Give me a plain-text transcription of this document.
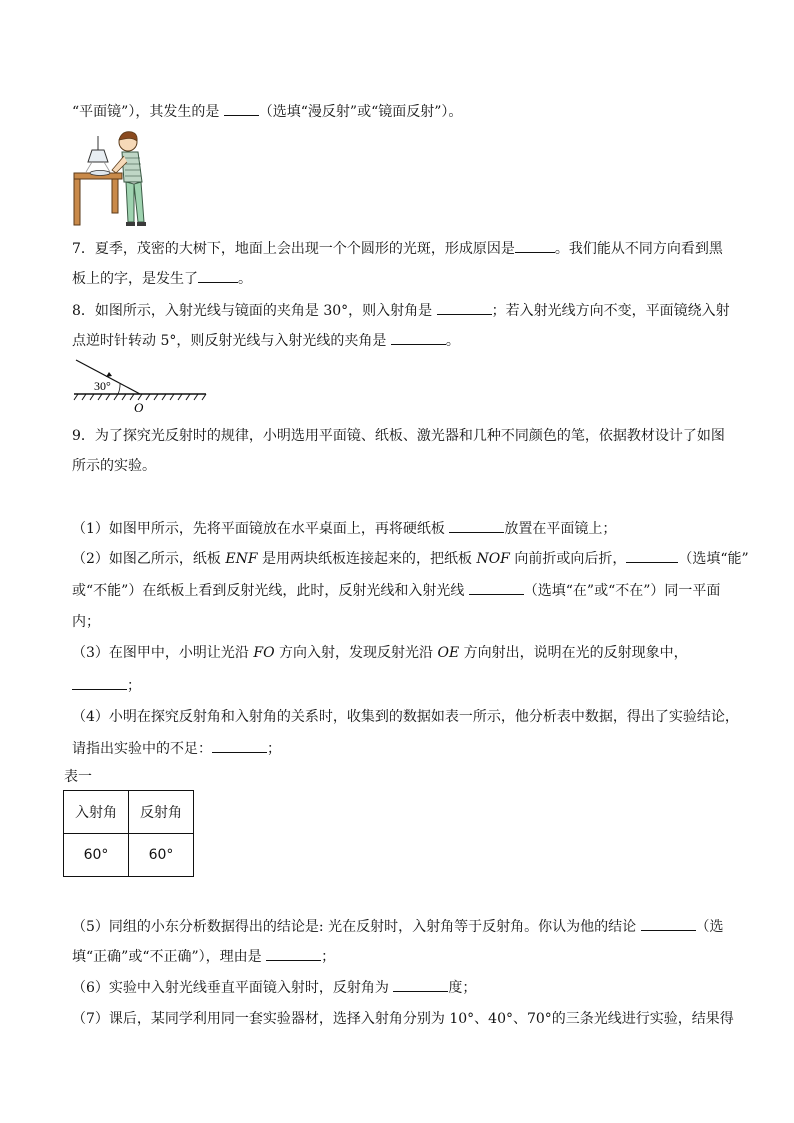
“平面镜”），其发生的是	（选填“漫反射”或“镜面反射”）。
7．夏季，茂密的大树下，地面上会出现一个个圆形的光斑，形成原因是	。我们能从不同方向看到黑
板上的字，是发生了	。
8．如图所示，入射光线与镜面的夹角是 30°，则入射角是	；若入射光线方向不变，平面镜绕入射
点逆时针转动 5°，则反射光线与入射光线的夹角是	。
30°
O
9．为了探究光反射时的规律，小明选用平面镜、纸板、激光器和几种不同颜色的笔，依据教材设计了如图
所示的实验。
（1）如图甲所示，先将平面镜放在水平桌面上，再将硬纸板	放置在平面镜上；
（2）如图乙所示，纸板 ENF 是用两块纸板连接起来的，把纸板 NOF 向前折或向后折，	（选填“能”
或“不能”）在纸板上看到反射光线，此时，反射光线和入射光线	（选填“在”或“不在”）同一平面
内；
（3）在图甲中，小明让光沿 FO 方向入射，发现反射光沿 OE 方向射出，说明在光的反射现象中，
；
（4）小明在探究反射角和入射角的关系时，收集到的数据如表一所示，他分析表中数据，得出了实验结论，
请指出实验中的不足：	；
表一
入射角	反射角
60°	60°
（5）同组的小东分析数据得出的结论是: 光在反射时，入射角等于反射角。你认为他的结论	（选
填“正确”或“不正确”），理由是	；
（6）实验中入射光线垂直平面镜入射时，反射角为	度；
（7）课后，某同学利用同一套实验器材，选择入射角分别为 10°、40°、70°的三条光线进行实验，结果得
